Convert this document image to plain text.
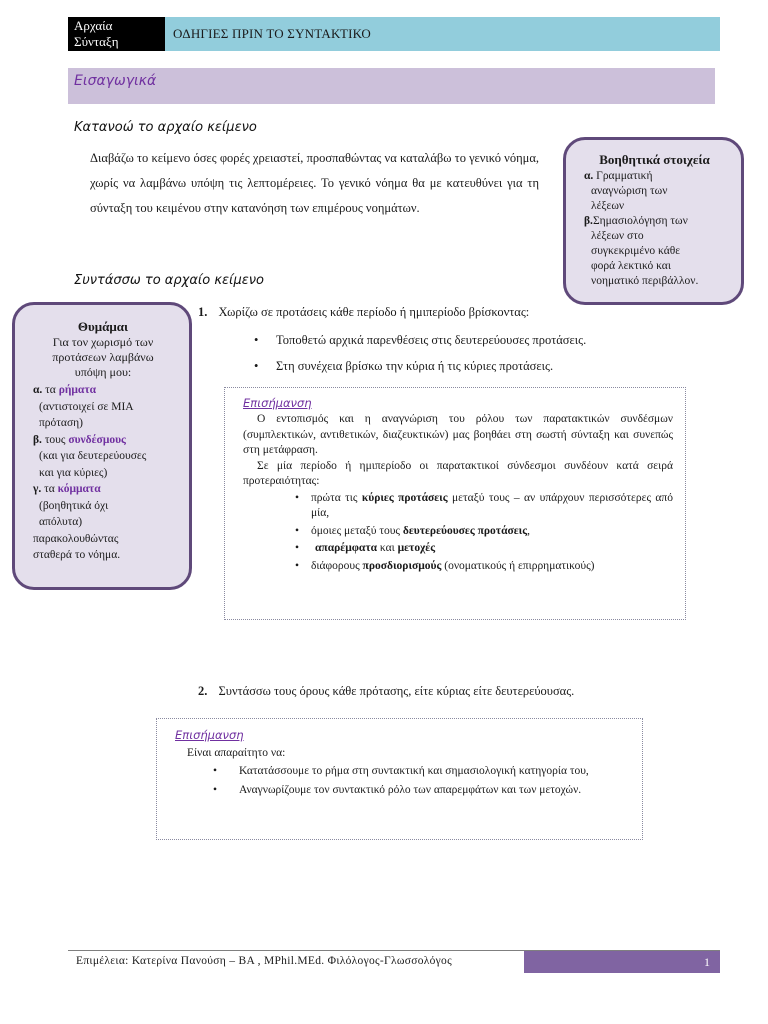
Αρχαία
Σύνταξη
ΟΔΗΓΙΕΣ ΠΡΙΝ ΤΟ ΣΥΝΤΑΚΤΙΚΟ
Εισαγωγικά
Κατανοώ το αρχαίο κείμενο
Διαβάζω το κείμενο όσες φορές χρειαστεί, προσπαθώντας να καταλάβω το γενικό νόημα, χωρίς να λαμβάνω υπόψη τις λεπτομέρειες. Το γενικό νόημα θα με κατευθύνει για τη σύνταξη του κειμένου στην κατανόηση των επιμέρους νοημάτων.
Βοηθητικά στοιχεία
α. Γραμματική
αναγνώριση των
λέξεων
β.Σημασιολόγηση των
λέξεων στο
συγκεκριμένο κάθε
φορά λεκτικό και
νοηματικό περιβάλλον.
Συντάσσω το αρχαίο κείμενο
Θυμάμαι
Για τον χωρισμό των
προτάσεων λαμβάνω
υπόψη μου:
α. τα ρήματα
(αντιστοιχεί σε ΜΙΑ
πρόταση)
β. τους συνδέσμους
(και για δευτερεύουσες
και για κύριες)
γ. τα κόμματα
(βοηθητικά όχι
απόλυτα)
παρακολουθώντας
σταθερά το νόημα.
1. Χωρίζω σε προτάσεις κάθε περίοδο ή ημιπερίοδο βρίσκοντας:
• Τοποθετώ αρχικά παρενθέσεις στις δευτερεύουσες προτάσεις.
• Στη συνέχεια βρίσκω την κύρια ή τις κύριες προτάσεις.
Επισήμανση
Ο εντοπισμός και η αναγνώριση του ρόλου των παρατακτικών συνδέσμων (συμπλεκτικών, αντιθετικών, διαζευκτικών) μας βοηθάει στη σωστή σύνταξη και συνεπώς στη μετάφραση.
Σε μία περίοδο ή ημιπερίοδο οι παρατακτικοί σύνδεσμοι συνδέουν κατά σειρά προτεραιότητας:
• πρώτα τις κύριες προτάσεις μεταξύ τους – αν υπάρχουν περισσότερες από μία,
• όμοιες μεταξύ τους δευτερεύουσες προτάσεις,
• απαρέμφατα και μετοχές
• διάφορους προσδιορισμούς (ονοματικούς ή επιρρηματικούς)
2. Συντάσσω τους όρους κάθε πρότασης, είτε κύριας είτε δευτερεύουσας.
Επισήμανση
Είναι απαραίτητο να:
• Κατατάσσουμε το ρήμα στη συντακτική και σημασιολογική κατηγορία του,
• Αναγνωρίζουμε τον συντακτικό ρόλο των απαρεμφάτων και των μετοχών.
Επιμέλεια: Κατερίνα Πανούση – ΒΑ , MPhil.MEd. Φιλόλογος-Γλωσσολόγος	1
